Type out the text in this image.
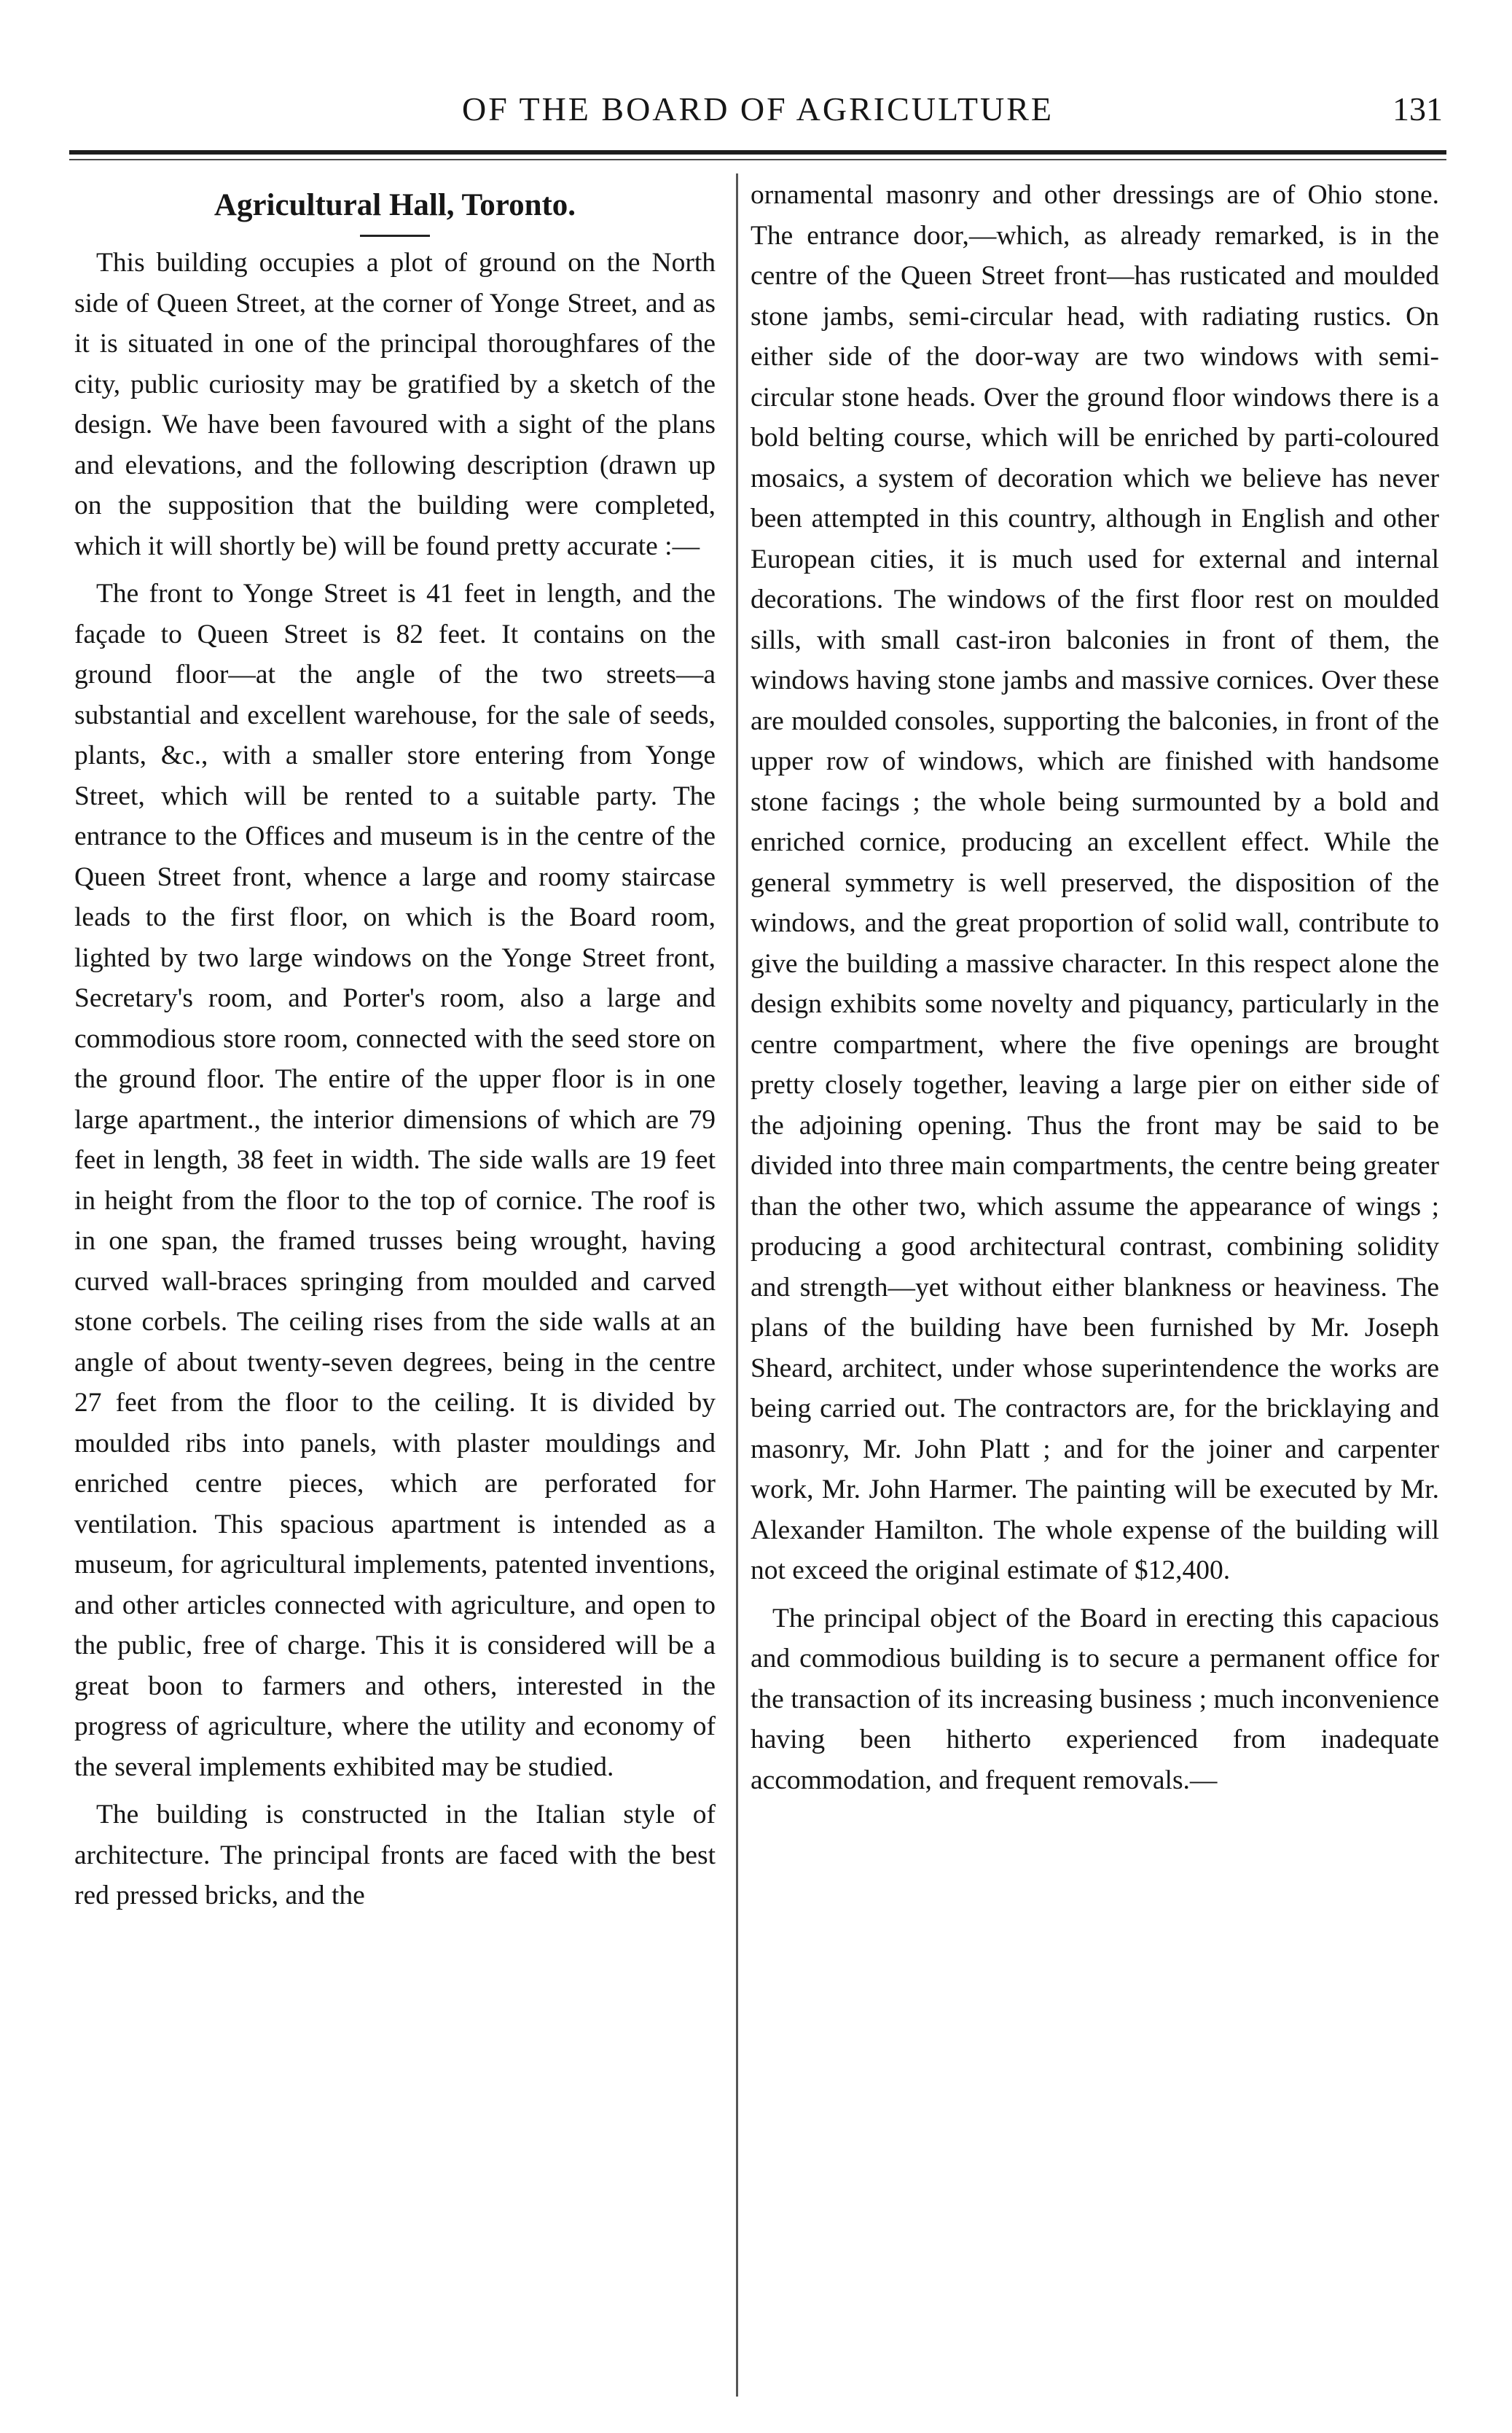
OF THE BOARD OF AGRICULTURE	131
Agricultural Hall, Toronto.

This building occupies a plot of ground on the North side of Queen Street, at the corner of Yonge Street, and as it is situated in one of the principal thoroughfares of the city, public curiosity may be gratified by a sketch of the design. We have been favoured with a sight of the plans and elevations, and the following description (drawn up on the supposition that the building were completed, which it will shortly be) will be found pretty accurate :—

The front to Yonge Street is 41 feet in length, and the façade to Queen Street is 82 feet. It contains on the ground floor—at the angle of the two streets—a substantial and excellent warehouse, for the sale of seeds, plants, &c., with a smaller store entering from Yonge Street, which will be rented to a suitable party. The entrance to the Offices and museum is in the centre of the Queen Street front, whence a large and roomy staircase leads to the first floor, on which is the Board room, lighted by two large windows on the Yonge Street front, Secretary's room, and Porter's room, also a large and commodious store room, connected with the seed store on the ground floor. The entire of the upper floor is in one large apartment., the interior dimensions of which are 79 feet in length, 38 feet in width. The side walls are 19 feet in height from the floor to the top of cornice. The roof is in one span, the framed trusses being wrought, having curved wall-braces springing from moulded and carved stone corbels. The ceiling rises from the side walls at an angle of about twenty-seven degrees, being in the centre 27 feet from the floor to the ceiling. It is divided by moulded ribs into panels, with plaster mouldings and enriched centre pieces, which are perforated for ventilation. This spacious apartment is intended as a museum, for agricultural implements, patented inventions, and other articles connected with agriculture, and open to the public, free of charge. This it is considered will be a great boon to farmers and others, interested in the progress of agriculture, where the utility and economy of the several implements exhibited may be studied.

The building is constructed in the Italian style of architecture. The principal fronts are faced with the best red pressed bricks, and the

ornamental masonry and other dressings are of Ohio stone. The entrance door,—which, as already remarked, is in the centre of the Queen Street front—has rusticated and moulded stone jambs, semi-circular head, with radiating rustics. On either side of the door-way are two windows with semi-circular stone heads. Over the ground floor windows there is a bold belting course, which will be enriched by parti-coloured mosaics, a system of decoration which we believe has never been attempted in this country, although in English and other European cities, it is much used for external and internal decorations. The windows of the first floor rest on moulded sills, with small cast-iron balconies in front of them, the windows having stone jambs and massive cornices. Over these are moulded consoles, supporting the balconies, in front of the upper row of windows, which are finished with handsome stone facings ; the whole being surmounted by a bold and enriched cornice, producing an excellent effect. While the general symmetry is well preserved, the disposition of the windows, and the great proportion of solid wall, contribute to give the building a massive character. In this respect alone the design exhibits some novelty and piquancy, particularly in the centre compartment, where the five openings are brought pretty closely together, leaving a large pier on either side of the adjoining opening. Thus the front may be said to be divided into three main compartments, the centre being greater than the other two, which assume the appearance of wings ; producing a good architectural contrast, combining solidity and strength—yet without either blankness or heaviness. The plans of the building have been furnished by Mr. Joseph Sheard, architect, under whose superintendence the works are being carried out. The contractors are, for the bricklaying and masonry, Mr. John Platt ; and for the joiner and carpenter work, Mr. John Harmer. The painting will be executed by Mr. Alexander Hamilton. The whole expense of the building will not exceed the original estimate of $12,400.

The principal object of the Board in erecting this capacious and commodious building is to secure a permanent office for the transaction of its increasing business ; much inconvenience having been hitherto experienced from inadequate accommodation, and frequent removals.—
